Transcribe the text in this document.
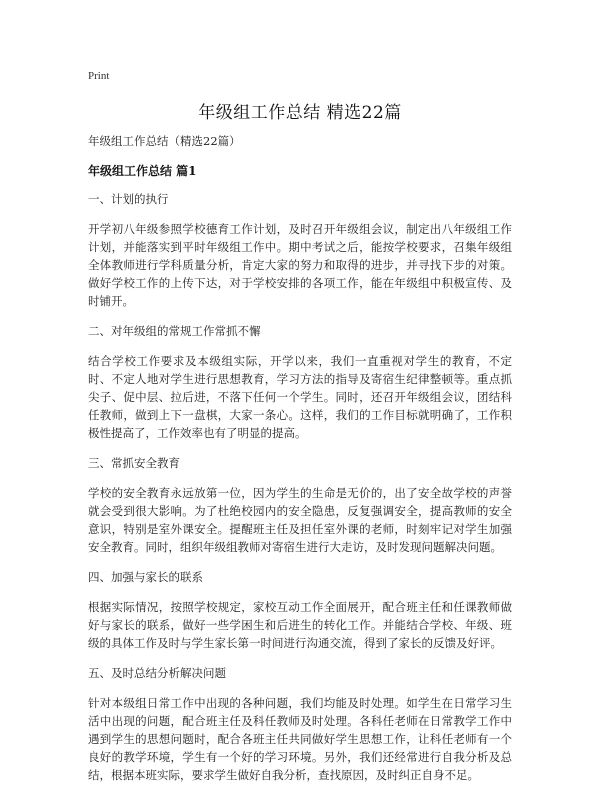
Print
年级组工作总结 精选22篇

年级组工作总结（精选22篇）

年级组工作总结 篇1

一、计划的执行

开学初八年级参照学校德育工作计划，及时召开年级组会议，制定出八年级组工作计划，并能落实到平时年级组工作中。期中考试之后，能按学校要求，召集年级组全体教师进行学科质量分析，肯定大家的努力和取得的进步，并寻找下步的对策。做好学校工作的上传下达，对于学校安排的各项工作，能在年级组中积极宣传、及时铺开。

二、对年级组的常规工作常抓不懈

结合学校工作要求及本级组实际，开学以来，我们一直重视对学生的教育，不定时、不定人地对学生进行思想教育，学习方法的指导及寄宿生纪律整顿等。重点抓尖子、促中层、拉后进，不落下任何一个学生。同时，还召开年级组会议，团结科任教师，做到上下一盘棋，大家一条心。这样，我们的工作目标就明确了，工作积极性提高了，工作效率也有了明显的提高。

三、常抓安全教育

学校的安全教育永远放第一位，因为学生的生命是无价的，出了安全故学校的声誉就会受到很大影响。为了杜绝校园内的安全隐患，反复强调安全，提高教师的安全意识，特别是室外课安全。提醒班主任及担任室外课的老师，时刻牢记对学生加强安全教育。同时，组织年级组教师对寄宿生进行大走访，及时发现问题解决问题。

四、加强与家长的联系

根据实际情况，按照学校规定，家校互动工作全面展开，配合班主任和任课教师做好与家长的联系，做好一些学困生和后进生的转化工作。并能结合学校、年级、班级的具体工作及时与学生家长第一时间进行沟通交流，得到了家长的反馈及好评。

五、及时总结分析解决问题

针对本级组日常工作中出现的各种问题，我们均能及时处理。如学生在日常学习生活中出现的问题，配合班主任及科任教师及时处理。各科任老师在日常教学工作中遇到学生的思想问题时，配合各班主任共同做好学生思想工作，让科任老师有一个良好的教学环境，学生有一个好的学习环境。另外，我们还经常进行自我分析及总结，根据本班实际，要求学生做好自我分析，查找原因，及时纠正自身不足。
